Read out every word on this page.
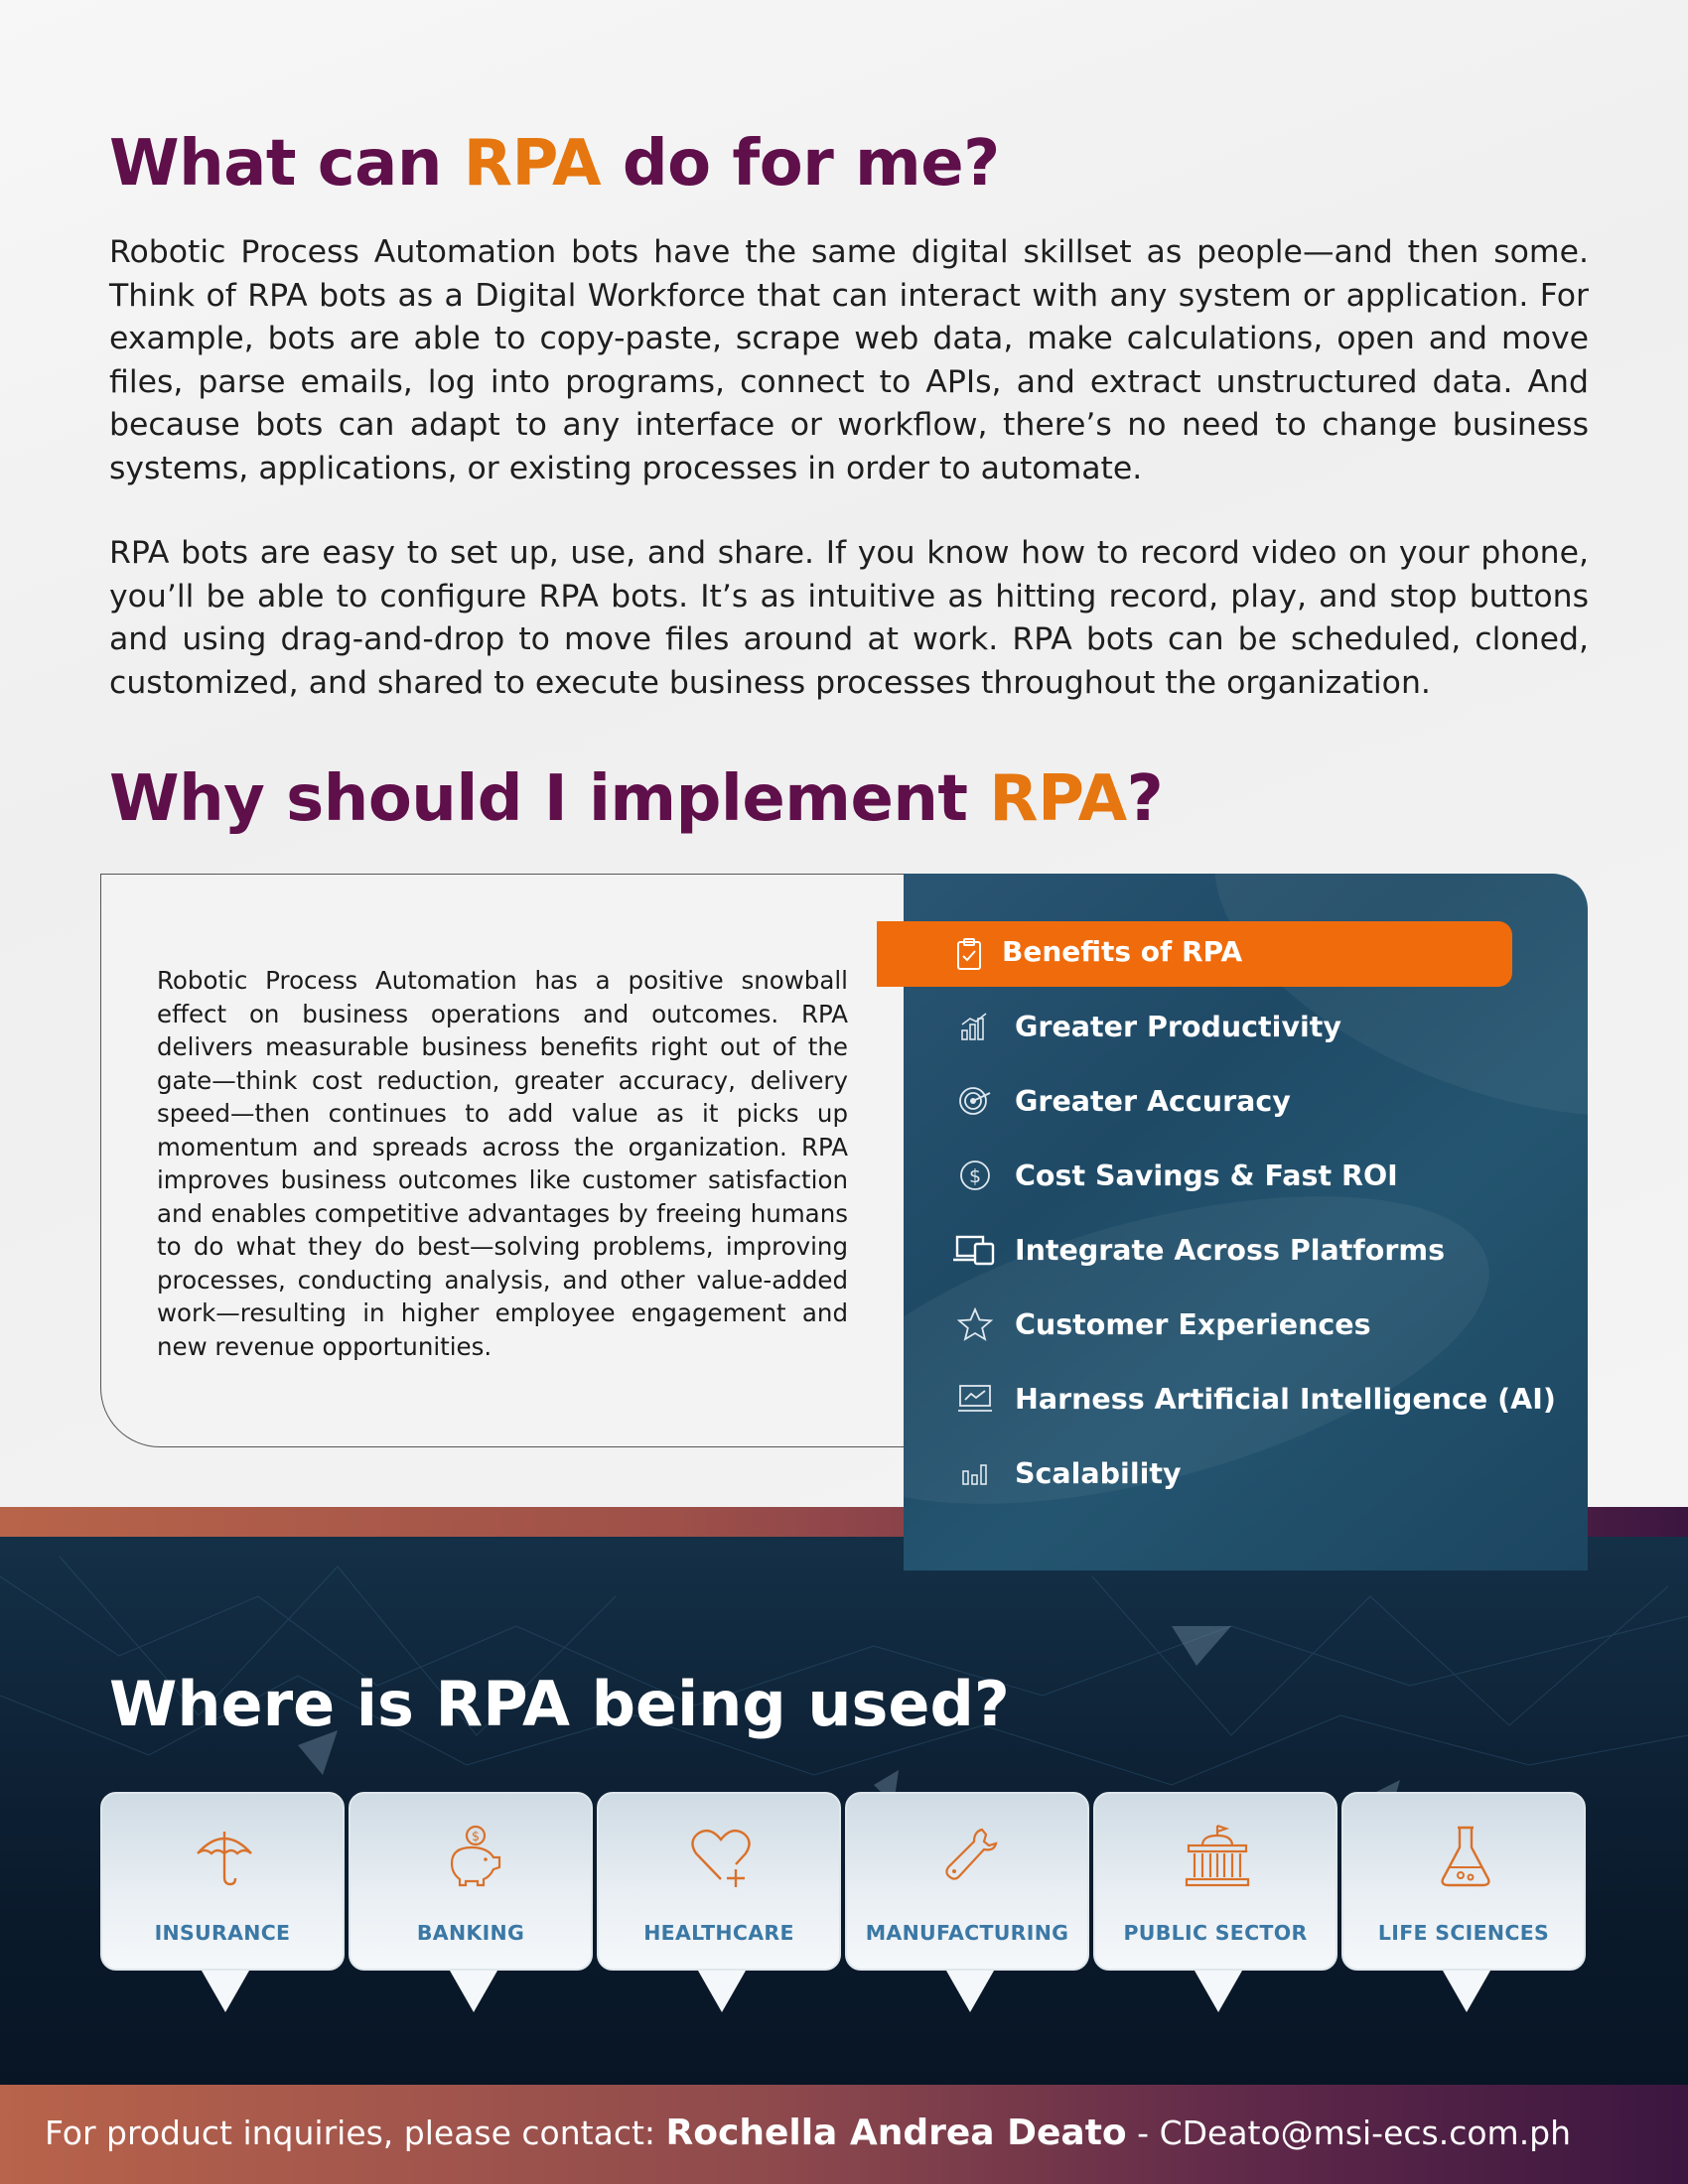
What can RPA do for me?

Robotic Process Automation bots have the same digital skillset as people—and then some. Think of RPA bots as a Digital Workforce that can interact with any system or application. For example, bots are able to copy-paste, scrape web data, make calculations, open and move files, parse emails, log into programs, connect to APIs, and extract unstructured data. And because bots can adapt to any interface or workflow, there’s no need to change business systems, applications, or existing processes in order to automate.

RPA bots are easy to set up, use, and share. If you know how to record video on your phone, you’ll be able to configure RPA bots. It’s as intuitive as hitting record, play, and stop buttons and using drag-and-drop to move files around at work. RPA bots can be scheduled, cloned, customized, and shared to execute business processes throughout the organization.

Why should I implement RPA?

Robotic Process Automation has a positive snowball effect on business operations and outcomes. RPA delivers measurable business benefits right out of the gate—think cost reduction, greater accuracy, delivery speed—then continues to add value as it picks up momentum and spreads across the organization. RPA improves business outcomes like customer satisfaction and enables competitive advantages by freeing humans to do what they do best—solving problems, improving processes, conducting analysis, and other value-added work—resulting in higher employee engagement and new revenue opportunities.

Benefits of RPA
Greater Productivity
Greater Accuracy
$ Cost Savings & Fast ROI
Integrate Across Platforms
Customer Experiences
Harness Artificial Intelligence (AI)
Scalability
Where is RPA being used?
INSURANCE
$
BANKING	HEALTHCARE	MANUFACTURING	PUBLIC SECTOR	LIFE SCIENCES
For product inquiries, please contact: Rochella Andrea Deato - CDeato@msi-ecs.com.ph
